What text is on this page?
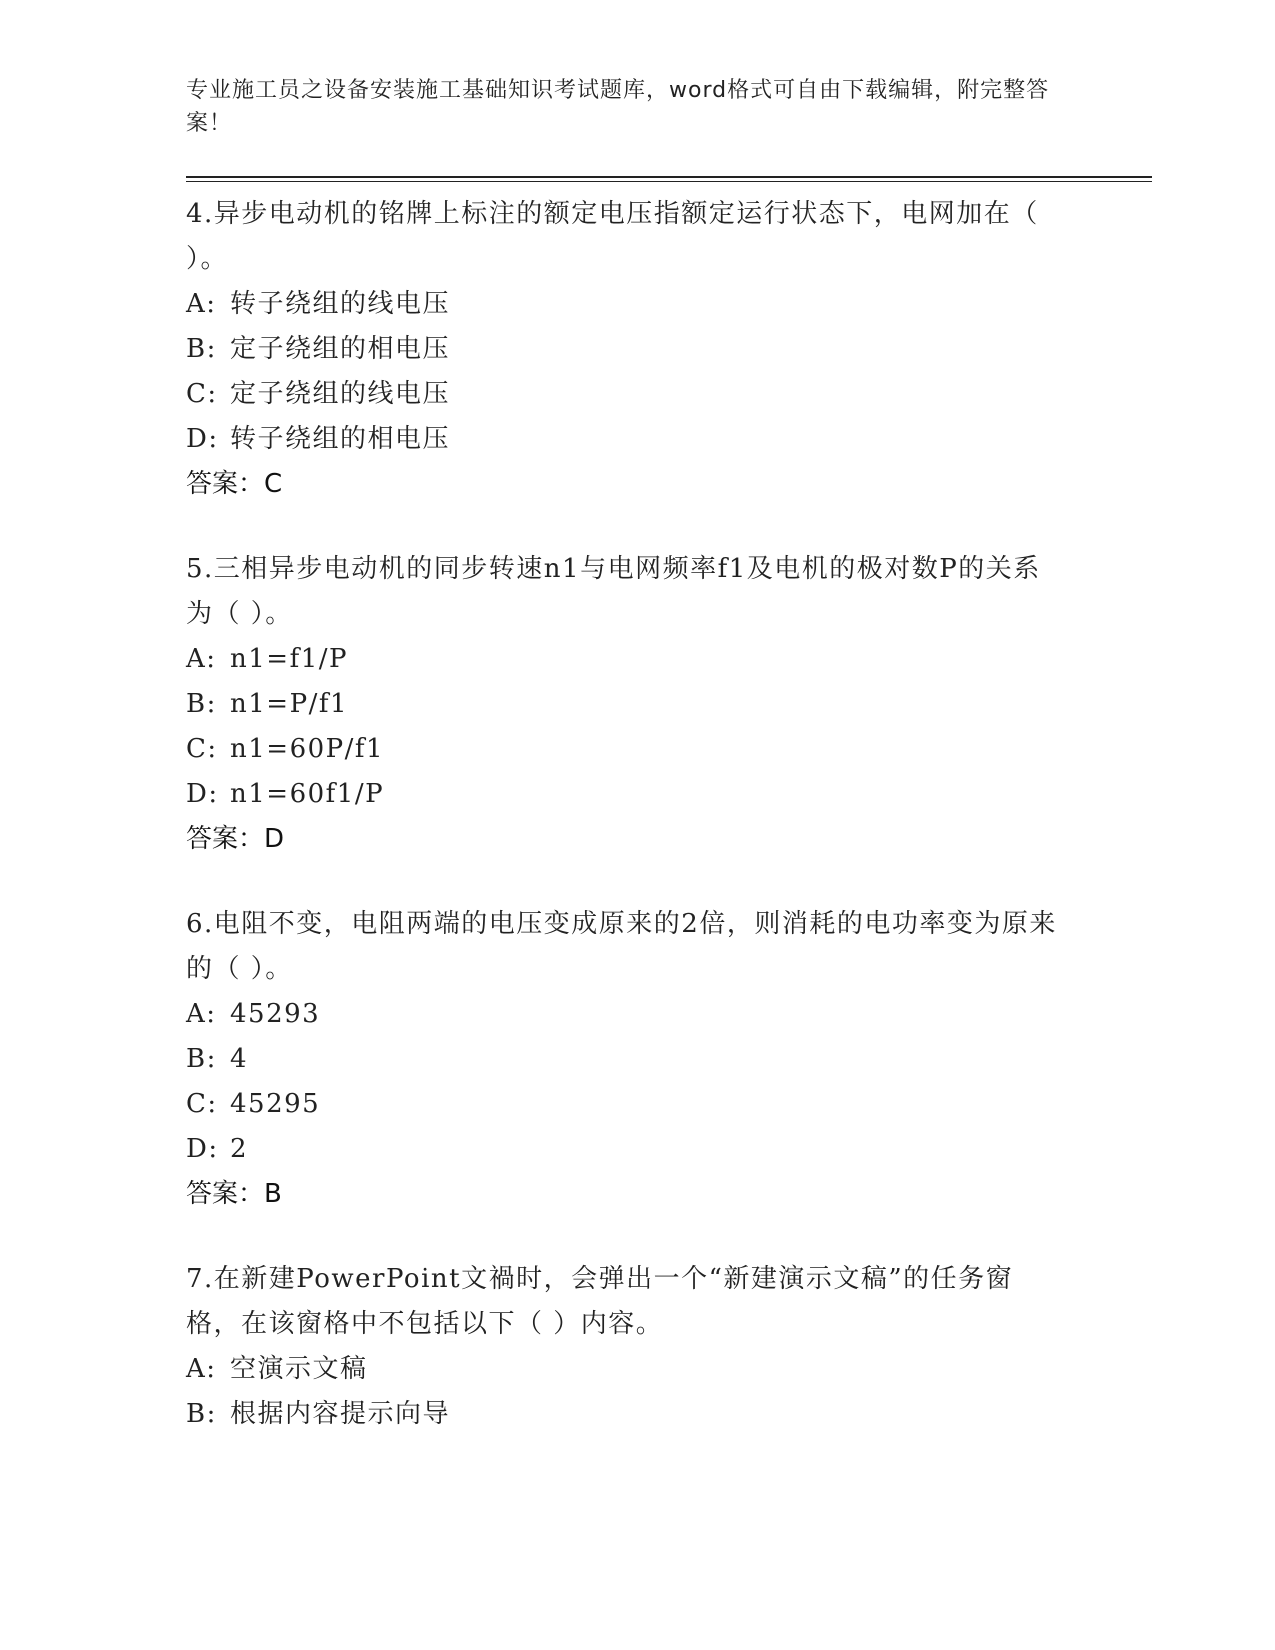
专业施工员之设备安装施工基础知识考试题库，word格式可自由下载编辑，附完整答案！

4.异步电动机的铭牌上标注的额定电压指额定运行状态下，电网加在（ ）。

A: 转子绕组的线电压

B: 定子绕组的相电压

C: 定子绕组的线电压

D: 转子绕组的相电压

答案：C

5.三相异步电动机的同步转速n1与电网频率f1及电机的极对数P的关系为（ ）。

A: n1=f1/P

B: n1=P/f1

C: n1=60P/f1

D: n1=60f1/P

答案：D

6.电阻不变，电阻两端的电压变成原来的2倍，则消耗的电功率变为原来的（ ）。

A: 45293

B: 4

C: 45295

D: 2

答案：B

7.在新建PowerPoint文禍时，会弹出一个“新建演示文稿”的任务窗格，在该窗格中不包括以下（ ）内容。

A: 空演示文稿

B: 根据内容提示向导
